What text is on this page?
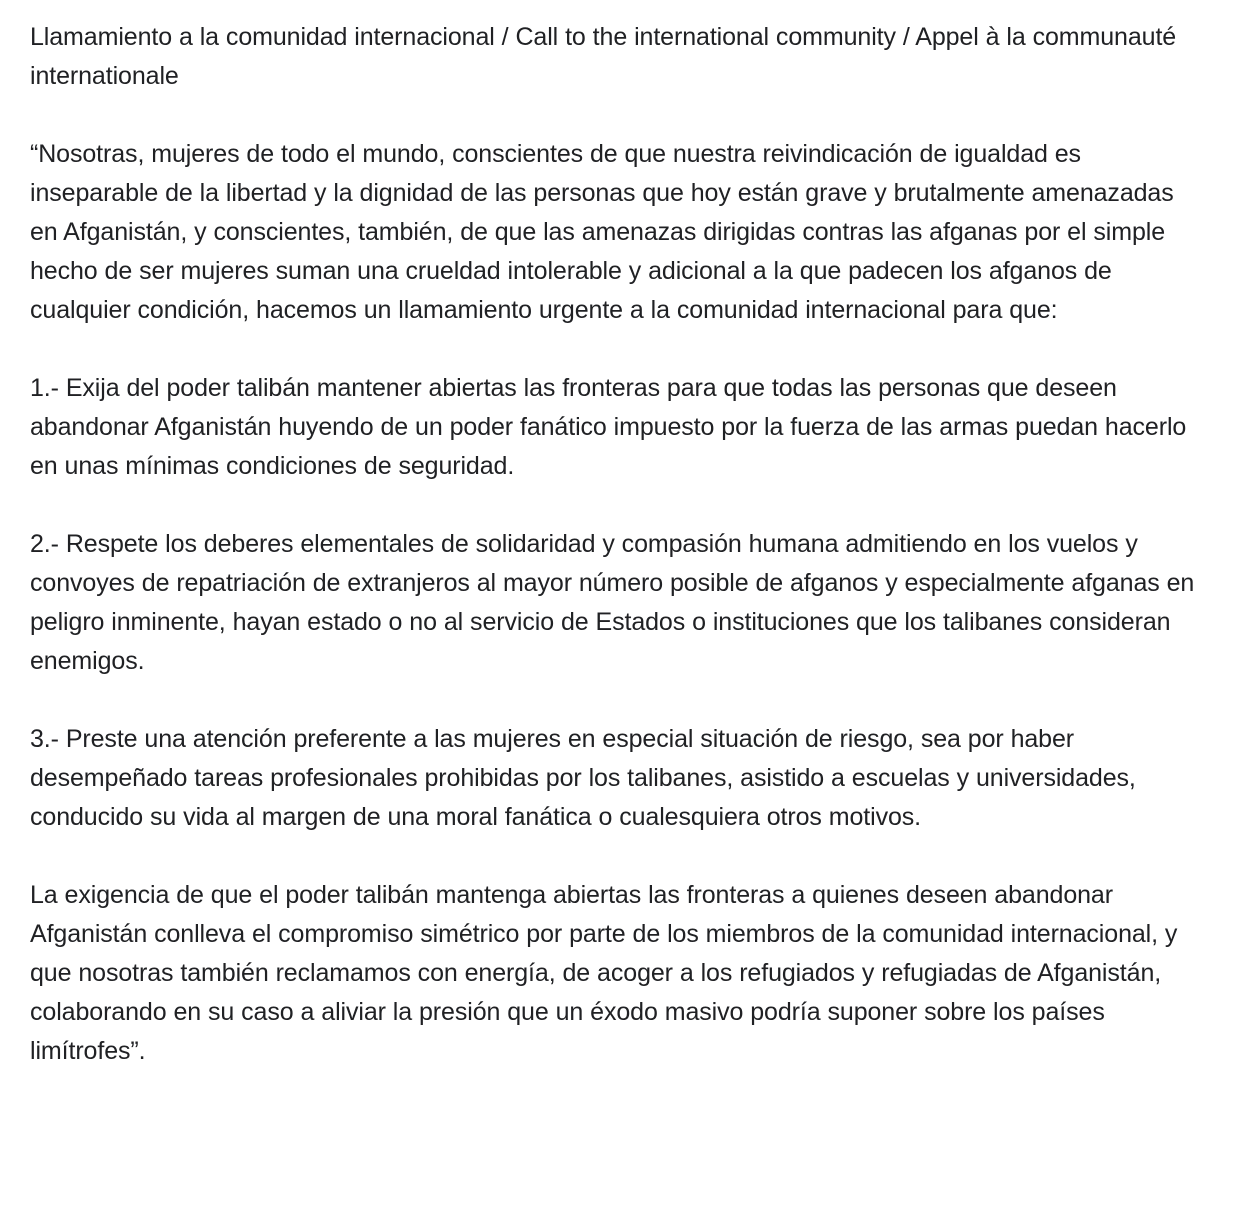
Llamamiento a la comunidad internacional / Call to the international community / Appel à la communauté internationale

“Nosotras, mujeres de todo el mundo, conscientes de que nuestra reivindicación de igualdad es inseparable de la libertad y la dignidad de las personas que hoy están grave y brutalmente amenazadas en Afganistán, y conscientes, también, de que las amenazas dirigidas contras las afganas por el simple hecho de ser mujeres suman una crueldad intolerable y adicional a la que padecen los afganos de cualquier condición, hacemos un llamamiento urgente a la comunidad internacional para que:

1.- Exija del poder talibán mantener abiertas las fronteras para que todas las personas que deseen abandonar Afganistán huyendo de un poder fanático impuesto por la fuerza de las armas puedan hacerlo en unas mínimas condiciones de seguridad.

2.- Respete los deberes elementales de solidaridad y compasión humana admitiendo en los vuelos y convoyes de repatriación de extranjeros al mayor número posible de afganos y especialmente afganas en peligro inminente, hayan estado o no al servicio de Estados o instituciones que los talibanes consideran enemigos.

3.- Preste una atención preferente a las mujeres en especial situación de riesgo, sea por haber desempeñado tareas profesionales prohibidas por los talibanes, asistido a escuelas y universidades, conducido su vida al margen de una moral fanática o cualesquiera otros motivos.

La exigencia de que el poder talibán mantenga abiertas las fronteras a quienes deseen abandonar Afganistán conlleva el compromiso simétrico por parte de los miembros de la comunidad internacional, y que nosotras también reclamamos con energía, de acoger a los refugiados y refugiadas de Afganistán, colaborando en su caso a aliviar la presión que un éxodo masivo podría suponer sobre los países limítrofes”.
